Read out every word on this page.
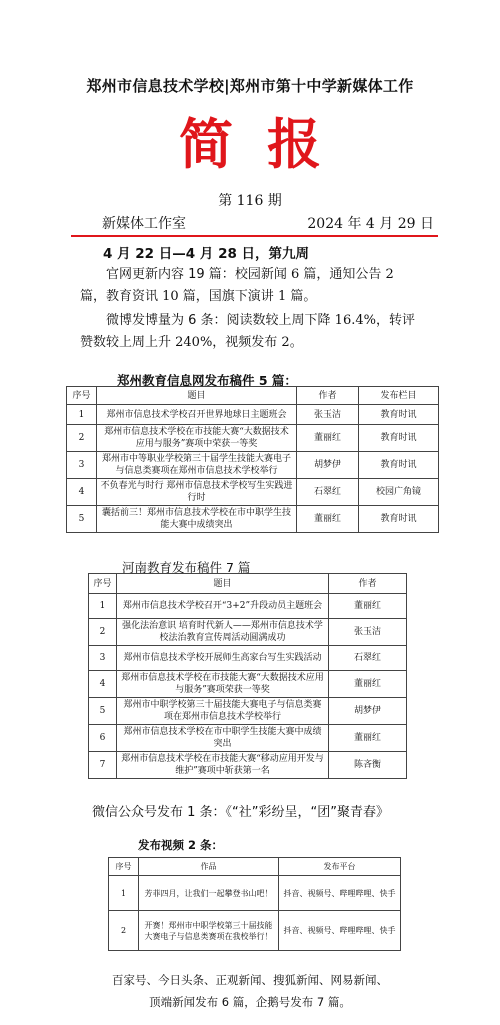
郑州市信息技术学校|郑州市第十中学新媒体工作
简报
第 116 期
新媒体工作室	2024 年 4 月 29 日
4 月 22 日—4 月 28 日，第九周
官网更新内容 19 篇：校园新闻 6 篇，通知公告 2 篇，教育资讯 10 篇，国旗下演讲 1 篇。
微博发博量为 6 条：阅读数较上周下降 16.4%，转评赞数较上周上升 240%，视频发布 2。
郑州教育信息网发布稿件 5 篇：
序号	题目	作者	发布栏目
1	郑州市信息技术学校召开世界地球日主题班会	张玉洁	教育时讯
2	郑州市信息技术学校在市技能大赛“大数据技术应用与服务”赛项中荣获一等奖	董丽红	教育时讯
3	郑州市中等职业学校第三十届学生技能大赛电子与信息类赛项在郑州市信息技术学校举行	胡梦伊	教育时讯
4	不负春光与时行 郑州市信息技术学校写生实践进行时	石翠红	校园广角镜
5	囊括前三！郑州市信息技术学校在市中职学生技能大赛中成绩突出	董丽红	教育时讯
河南教育发布稿件 7 篇
序号	题目	作者
1	郑州市信息技术学校召开“3+2”升段动员主题班会	董丽红
2	强化法治意识 培育时代新人——郑州市信息技术学校法治教育宣传周活动圆满成功	张玉洁
3	郑州市信息技术学校开展师生高家台写生实践活动	石翠红
4	郑州市信息技术学校在市技能大赛“大数据技术应用与服务”赛项荣获一等奖	董丽红
5	郑州市中职学校第三十届技能大赛电子与信息类赛项在郑州市信息技术学校举行	胡梦伊
6	郑州市信息技术学校在市中职学生技能大赛中成绩突出	董丽红
7	郑州市信息技术学校在市技能大赛“移动应用开发与维护”赛项中斩获第一名	陈吝衡
微信公众号发布 1 条：《“社”彩纷呈，“团”聚青春》
发布视频 2 条：
序号	作品	发布平台
1	芳菲四月，让我们一起攀登书山吧！	抖音、视频号、哔哩哔哩、快手
2	开赛！郑州市中职学校第三十届技能大赛电子与信息类赛项在我校举行！	抖音、视频号、哔哩哔哩、快手
百家号、今日头条、正观新闻、搜狐新闻、网易新闻、
顶端新闻发布 6 篇，企鹅号发布 7 篇。
